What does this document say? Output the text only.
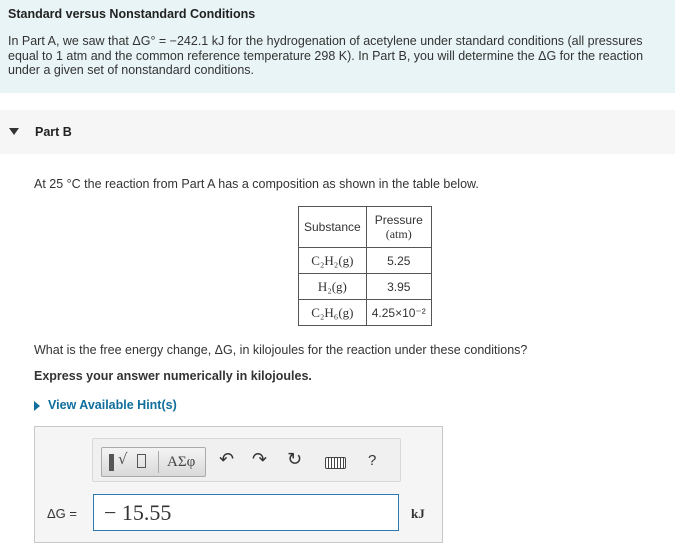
Standard versus Nonstandard Conditions
In Part A, we saw that ΔG° = −242.1 kJ for the hydrogenation of acetylene under standard conditions (all pressures equal to 1 atm and the common reference temperature 298 K). In Part B, you will determine the ΔG for the reaction under a given set of nonstandard conditions.
Part B
At 25 °C the reaction from Part A has a composition as shown in the table below.
Substance	Pressure
(atm)

C₂H₂(g)	5.25
H₂(g)	3.95
C₂H₆(g)	4.25×10⁻²
What is the free energy change, ΔG, in kilojoules for the reaction under these conditions?
Express your answer numerically in kilojoules.
View Available Hint(s)
√	ΑΣφ ↶ ↷ ↻	?
ΔG =
− 15.55	kJ
